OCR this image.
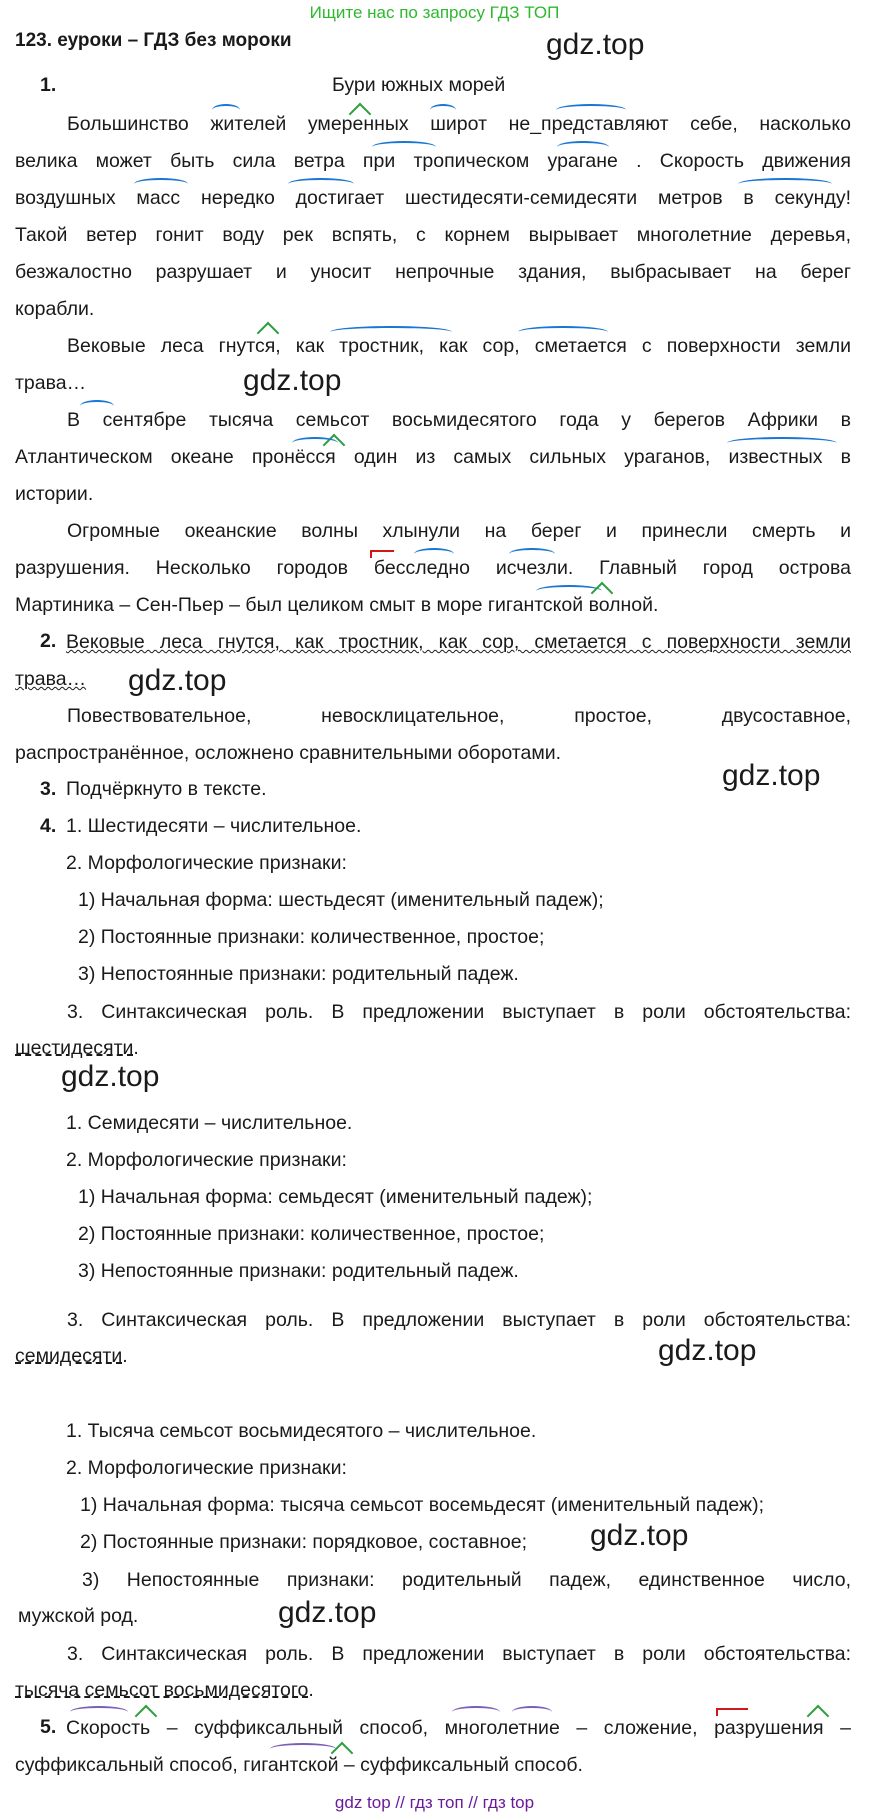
Ищите нас по запросу ГДЗ ТОП
123. еуроки – ГДЗ без мороки	gdz.top
gdz.top
gdz.top
gdz.top
gdz.top
gdz.top
gdz.top
gdz.top
1.	Бури южных морей
Большинство жителей умеренных широт не_представляют себе, насколько
велика может быть сила ветра при тропическом урагане . Скорость движения
воздушных масс нередко достигает шестидесяти-семидесяти метров в секунду!
Такой ветер гонит воду рек вспять, с корнем вырывает многолетние деревья,
безжалостно разрушает и уносит непрочные здания, выбрасывает на берег
корабли.
Вековые леса гнутся, как тростник, как сор, сметается с поверхности земли
трава…
В сентябре тысяча семьсот восьмидесятого года у берегов Африки в
Атлантическом океане пронёсся один из самых сильных ураганов, известных в
истории.
Огромные океанские волны хлынули на берег и принесли смерть и
разрушения. Несколько городов бесследно исчезли. Главный город острова
Мартиника – Сен-Пьер – был целиком смыт в море гигантской волной.
2. Вековые леса гнутся, как тростник, как сор, сметается с поверхности земли
трава…
Повествовательное, невосклицательное, простое, двусоставное,
распространённое, осложнено сравнительными оборотами.
3. Подчёркнуто в тексте.
4. 1. Шестидесяти – числительное.
2. Морфологические признаки:
1) Начальная форма: шестьдесят (именительный падеж);
2) Постоянные признаки: количественное, простое;
3) Непостоянные признаки: родительный падеж.
3. Синтаксическая роль. В предложении выступает в роли обстоятельства:
шестидесяти.
1. Семидесяти – числительное.
2. Морфологические признаки:
1) Начальная форма: семьдесят (именительный падеж);
2) Постоянные признаки: количественное, простое;
3) Непостоянные признаки: родительный падеж.
3. Синтаксическая роль. В предложении выступает в роли обстоятельства:
семидесяти.
1. Тысяча семьсот восьмидесятого – числительное.
2. Морфологические признаки:
1) Начальная форма: тысяча семьсот восемьдесят (именительный падеж);
2) Постоянные признаки: порядковое, составное;
3) Непостоянные признаки: родительный падеж, единственное число,
мужской род.
3. Синтаксическая роль. В предложении выступает в роли обстоятельства:
тысяча семьсот восьмидесятого.
5. Скорость – суффиксальный способ, многолетние – сложение, разрушения –
суффиксальный способ, гигантской – суффиксальный способ.
gdz top // гдз топ // гдз top
